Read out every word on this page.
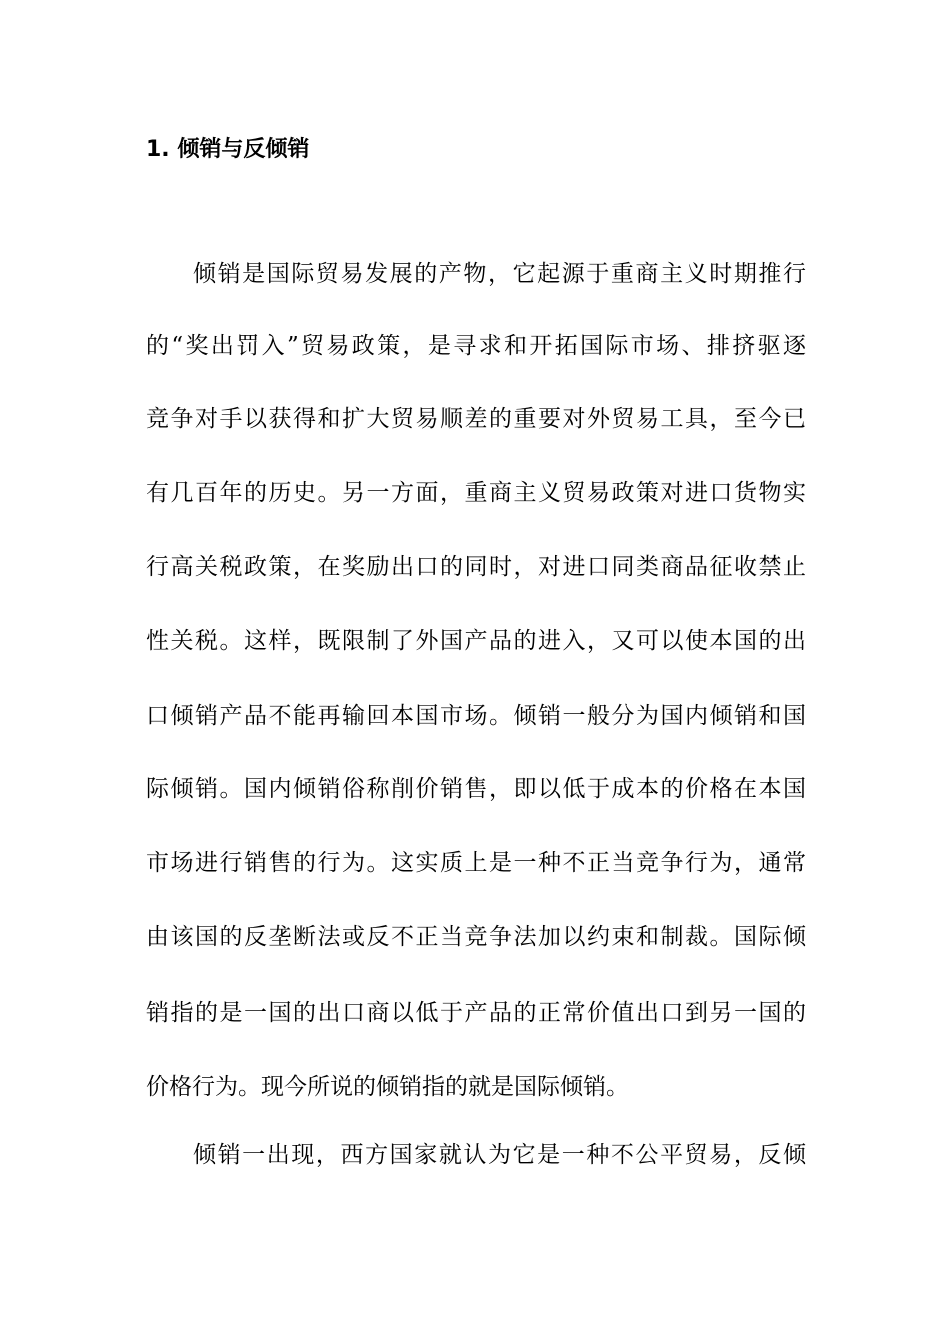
1. 倾销与反倾销
倾销是国际贸易发展的产物，它起源于重商主义时期推行
的“奖出罚入”贸易政策，是寻求和开拓国际市场、排挤驱逐
竞争对手以获得和扩大贸易顺差的重要对外贸易工具，至今已
有几百年的历史。另一方面，重商主义贸易政策对进口货物实
行高关税政策，在奖励出口的同时，对进口同类商品征收禁止
性关税。这样，既限制了外国产品的进入，又可以使本国的出
口倾销产品不能再输回本国市场。倾销一般分为国内倾销和国
际倾销。国内倾销俗称削价销售，即以低于成本的价格在本国
市场进行销售的行为。这实质上是一种不正当竞争行为，通常
由该国的反垄断法或反不正当竞争法加以约束和制裁。国际倾
销指的是一国的出口商以低于产品的正常价值出口到另一国的
价格行为。现今所说的倾销指的就是国际倾销。
倾销一出现，西方国家就认为它是一种不公平贸易，反倾
